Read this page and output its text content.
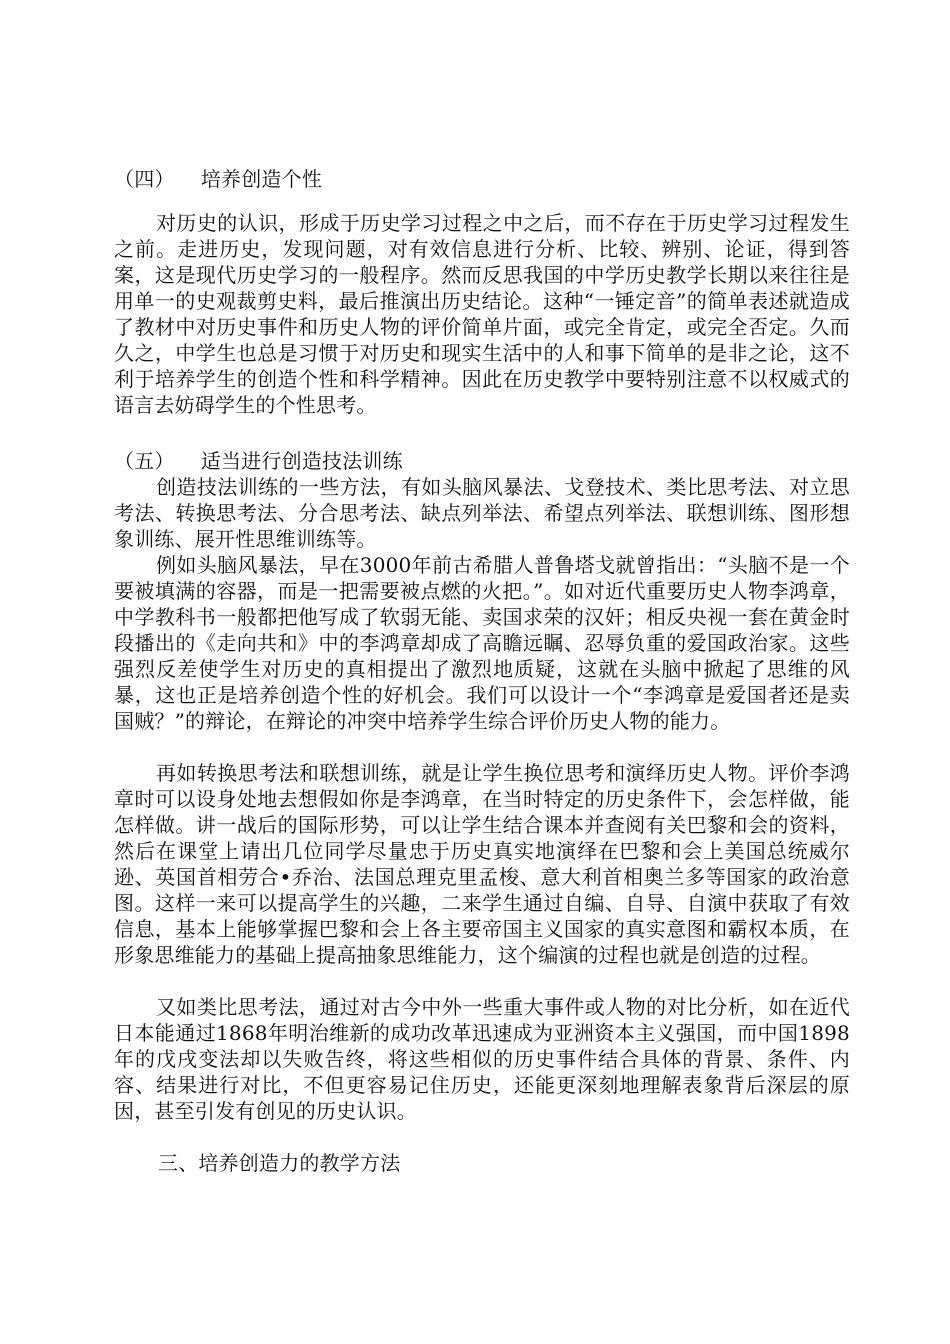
（四）    培养创造个性

对历史的认识，形成于历史学习过程之中之后，而不存在于历史学习过程发生之前。走进历史，发现问题，对有效信息进行分析、比较、辨别、论证，得到答案，这是现代历史学习的一般程序。然而反思我国的中学历史教学长期以来往往是用单一的史观裁剪史料，最后推演出历史结论。这种“一锤定音”的简单表述就造成了教材中对历史事件和历史人物的评价简单片面，或完全肯定，或完全否定。久而久之，中学生也总是习惯于对历史和现实生活中的人和事下简单的是非之论，这不利于培养学生的创造个性和科学精神。因此在历史教学中要特别注意不以权威式的语言去妨碍学生的个性思考。

（五）    适当进行创造技法训练

创造技法训练的一些方法，有如头脑风暴法、戈登技术、类比思考法、对立思考法、转换思考法、分合思考法、缺点列举法、希望点列举法、联想训练、图形想象训练、展开性思维训练等。

例如头脑风暴法，早在3000年前古希腊人普鲁塔戈就曾指出：“头脑不是一个要被填满的容器，而是一把需要被点燃的火把。”。如对近代重要历史人物李鸿章，中学教科书一般都把他写成了软弱无能、卖国求荣的汉奸；相反央视一套在黄金时段播出的《走向共和》中的李鸿章却成了高瞻远瞩、忍辱负重的爱国政治家。这些强烈反差使学生对历史的真相提出了激烈地质疑，这就在头脑中掀起了思维的风暴，这也正是培养创造个性的好机会。我们可以设计一个“李鸿章是爱国者还是卖国贼？”的辩论，在辩论的冲突中培养学生综合评价历史人物的能力。

再如转换思考法和联想训练，就是让学生换位思考和演绎历史人物。评价李鸿章时可以设身处地去想假如你是李鸿章，在当时特定的历史条件下，会怎样做，能怎样做。讲一战后的国际形势，可以让学生结合课本并查阅有关巴黎和会的资料，然后在课堂上请出几位同学尽量忠于历史真实地演绎在巴黎和会上美国总统威尔逊、英国首相劳合•乔治、法国总理克里孟梭、意大利首相奥兰多等国家的政治意图。这样一来可以提高学生的兴趣，二来学生通过自编、自导、自演中获取了有效信息，基本上能够掌握巴黎和会上各主要帝国主义国家的真实意图和霸权本质，在形象思维能力的基础上提高抽象思维能力，这个编演的过程也就是创造的过程。

又如类比思考法，通过对古今中外一些重大事件或人物的对比分析，如在近代日本能通过1868年明治维新的成功改革迅速成为亚洲资本主义强国，而中国1898年的戊戌变法却以失败告终，将这些相似的历史事件结合具体的背景、条件、内容、结果进行对比，不但更容易记住历史，还能更深刻地理解表象背后深层的原因，甚至引发有创见的历史认识。

三、培养创造力的教学方法
